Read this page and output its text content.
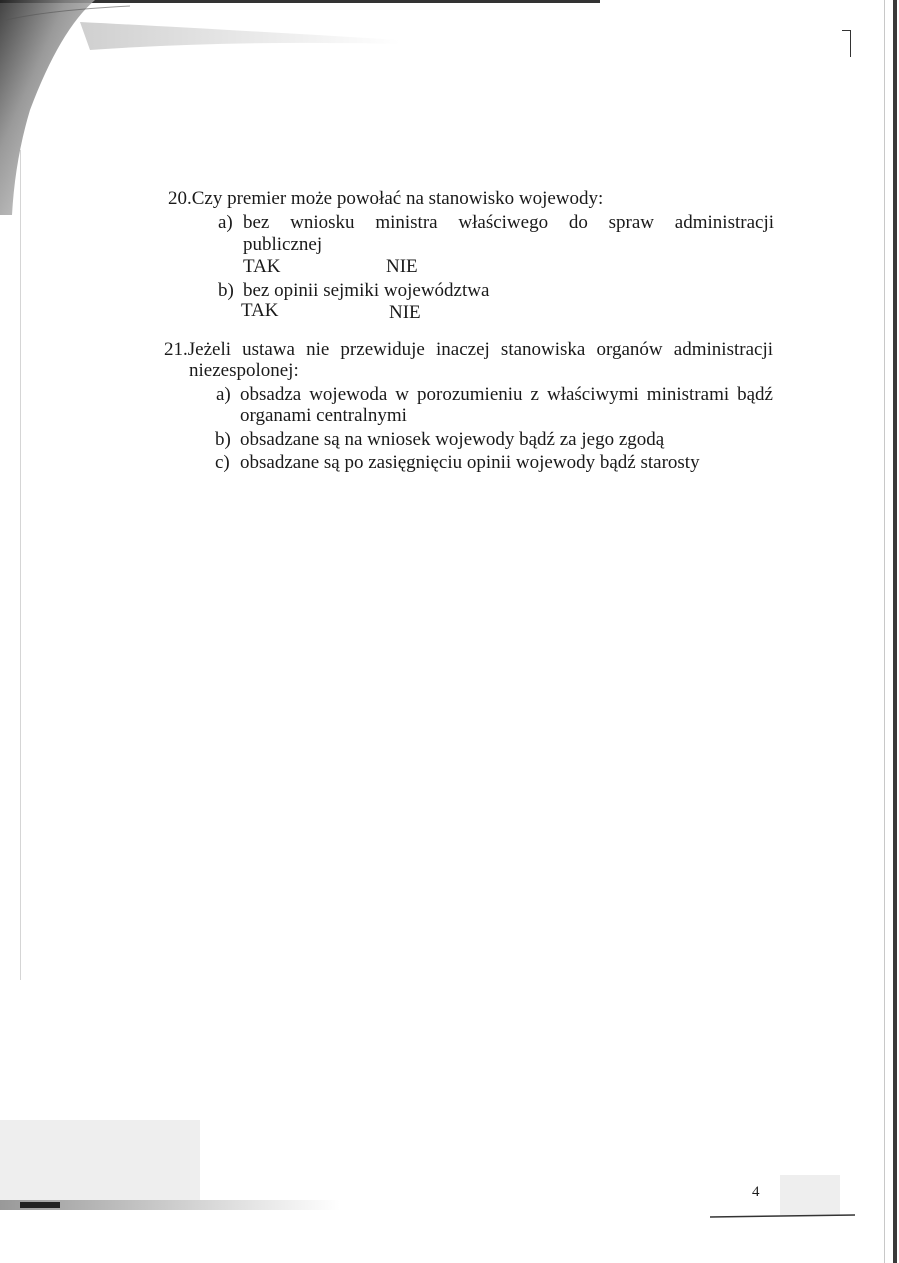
20.Czy premier może powołać na stanowisko wojewody:
a) bez wniosku ministra właściwego do spraw administracji
publicznej
TAK	NIE
b) bez opinii sejmiki województwa
TAK	NIE
21.Jeżeli ustawa nie przewiduje inaczej stanowiska organów administracji
niezespolonej:
a) obsadza wojewoda w porozumieniu z właściwymi ministrami bądź
organami centralnymi
b) obsadzane są na wniosek wojewody bądź za jego zgodą
c) obsadzane są po zasięgnięciu opinii wojewody bądź starosty
4
